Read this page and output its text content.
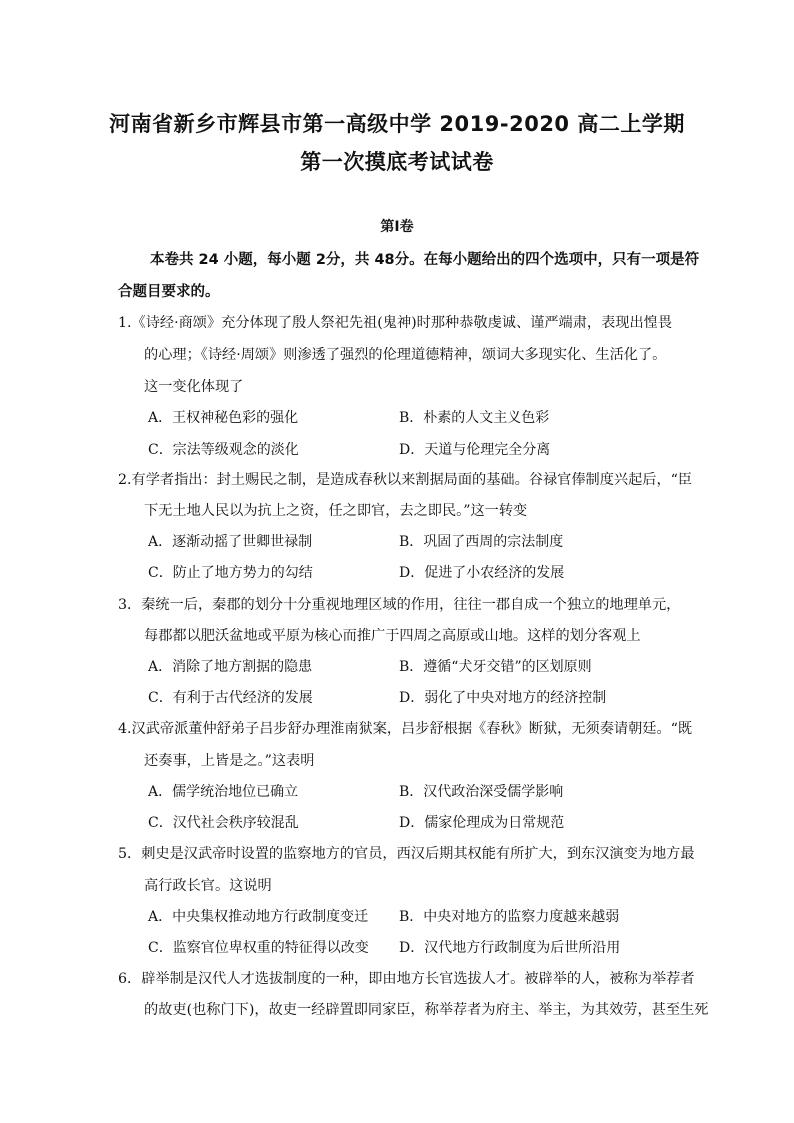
河南省新乡市辉县市第一高级中学 2019-2020 高二上学期
第一次摸底考试试卷
第Ⅰ卷
本卷共 24 小题，每小题 2分，共 48分。在每小题给出的四个选项中，只有一项是符
合题目要求的。
1.《诗经·商颂》充分体现了殷人祭祀先祖(鬼神)时那种恭敬虔诚、谨严端肃，表现出惶畏
的心理；《诗经·周颂》则渗透了强烈的伦理道德精神，颂词大多现实化、生活化了。
这一变化体现了
A．王权神秘色彩的强化	B．朴素的人文主义色彩
C．宗法等级观念的淡化	D．天道与伦理完全分离
2.有学者指出：封土赐民之制，是造成春秋以来割据局面的基础。谷禄官俸制度兴起后，“臣
下无土地人民以为抗上之资，任之即官，去之即民。”这一转变
A．逐渐动摇了世卿世禄制	B．巩固了西周的宗法制度
C．防止了地方势力的勾结	D．促进了小农经济的发展
3．秦统一后，秦郡的划分十分重视地理区域的作用，往往一郡自成一个独立的地理单元，
每郡都以肥沃盆地或平原为核心而推广于四周之高原或山地。这样的划分客观上
A．消除了地方割据的隐患	B．遵循“犬牙交错”的区划原则
C．有利于古代经济的发展	D．弱化了中央对地方的经济控制
4.汉武帝派董仲舒弟子吕步舒办理淮南狱案，吕步舒根据《春秋》断狱，无须奏请朝廷。“既
还奏事，上皆是之。”这表明
A．儒学统治地位已确立	B．汉代政治深受儒学影响
C．汉代社会秩序较混乱	D．儒家伦理成为日常规范
5．刺史是汉武帝时设置的监察地方的官员，西汉后期其权能有所扩大，到东汉演变为地方最
高行政长官。这说明
A．中央集权推动地方行政制度变迁 B．中央对地方的监察力度越来越弱
C．监察官位卑权重的特征得以改变 D．汉代地方行政制度为后世所沿用
6．辟举制是汉代人才选拔制度的一种，即由地方长官选拔人才。被辟举的人，被称为举荐者
的故吏(也称门下)，故吏一经辟置即同家臣，称举荐者为府主、举主，为其效劳，甚至生死
